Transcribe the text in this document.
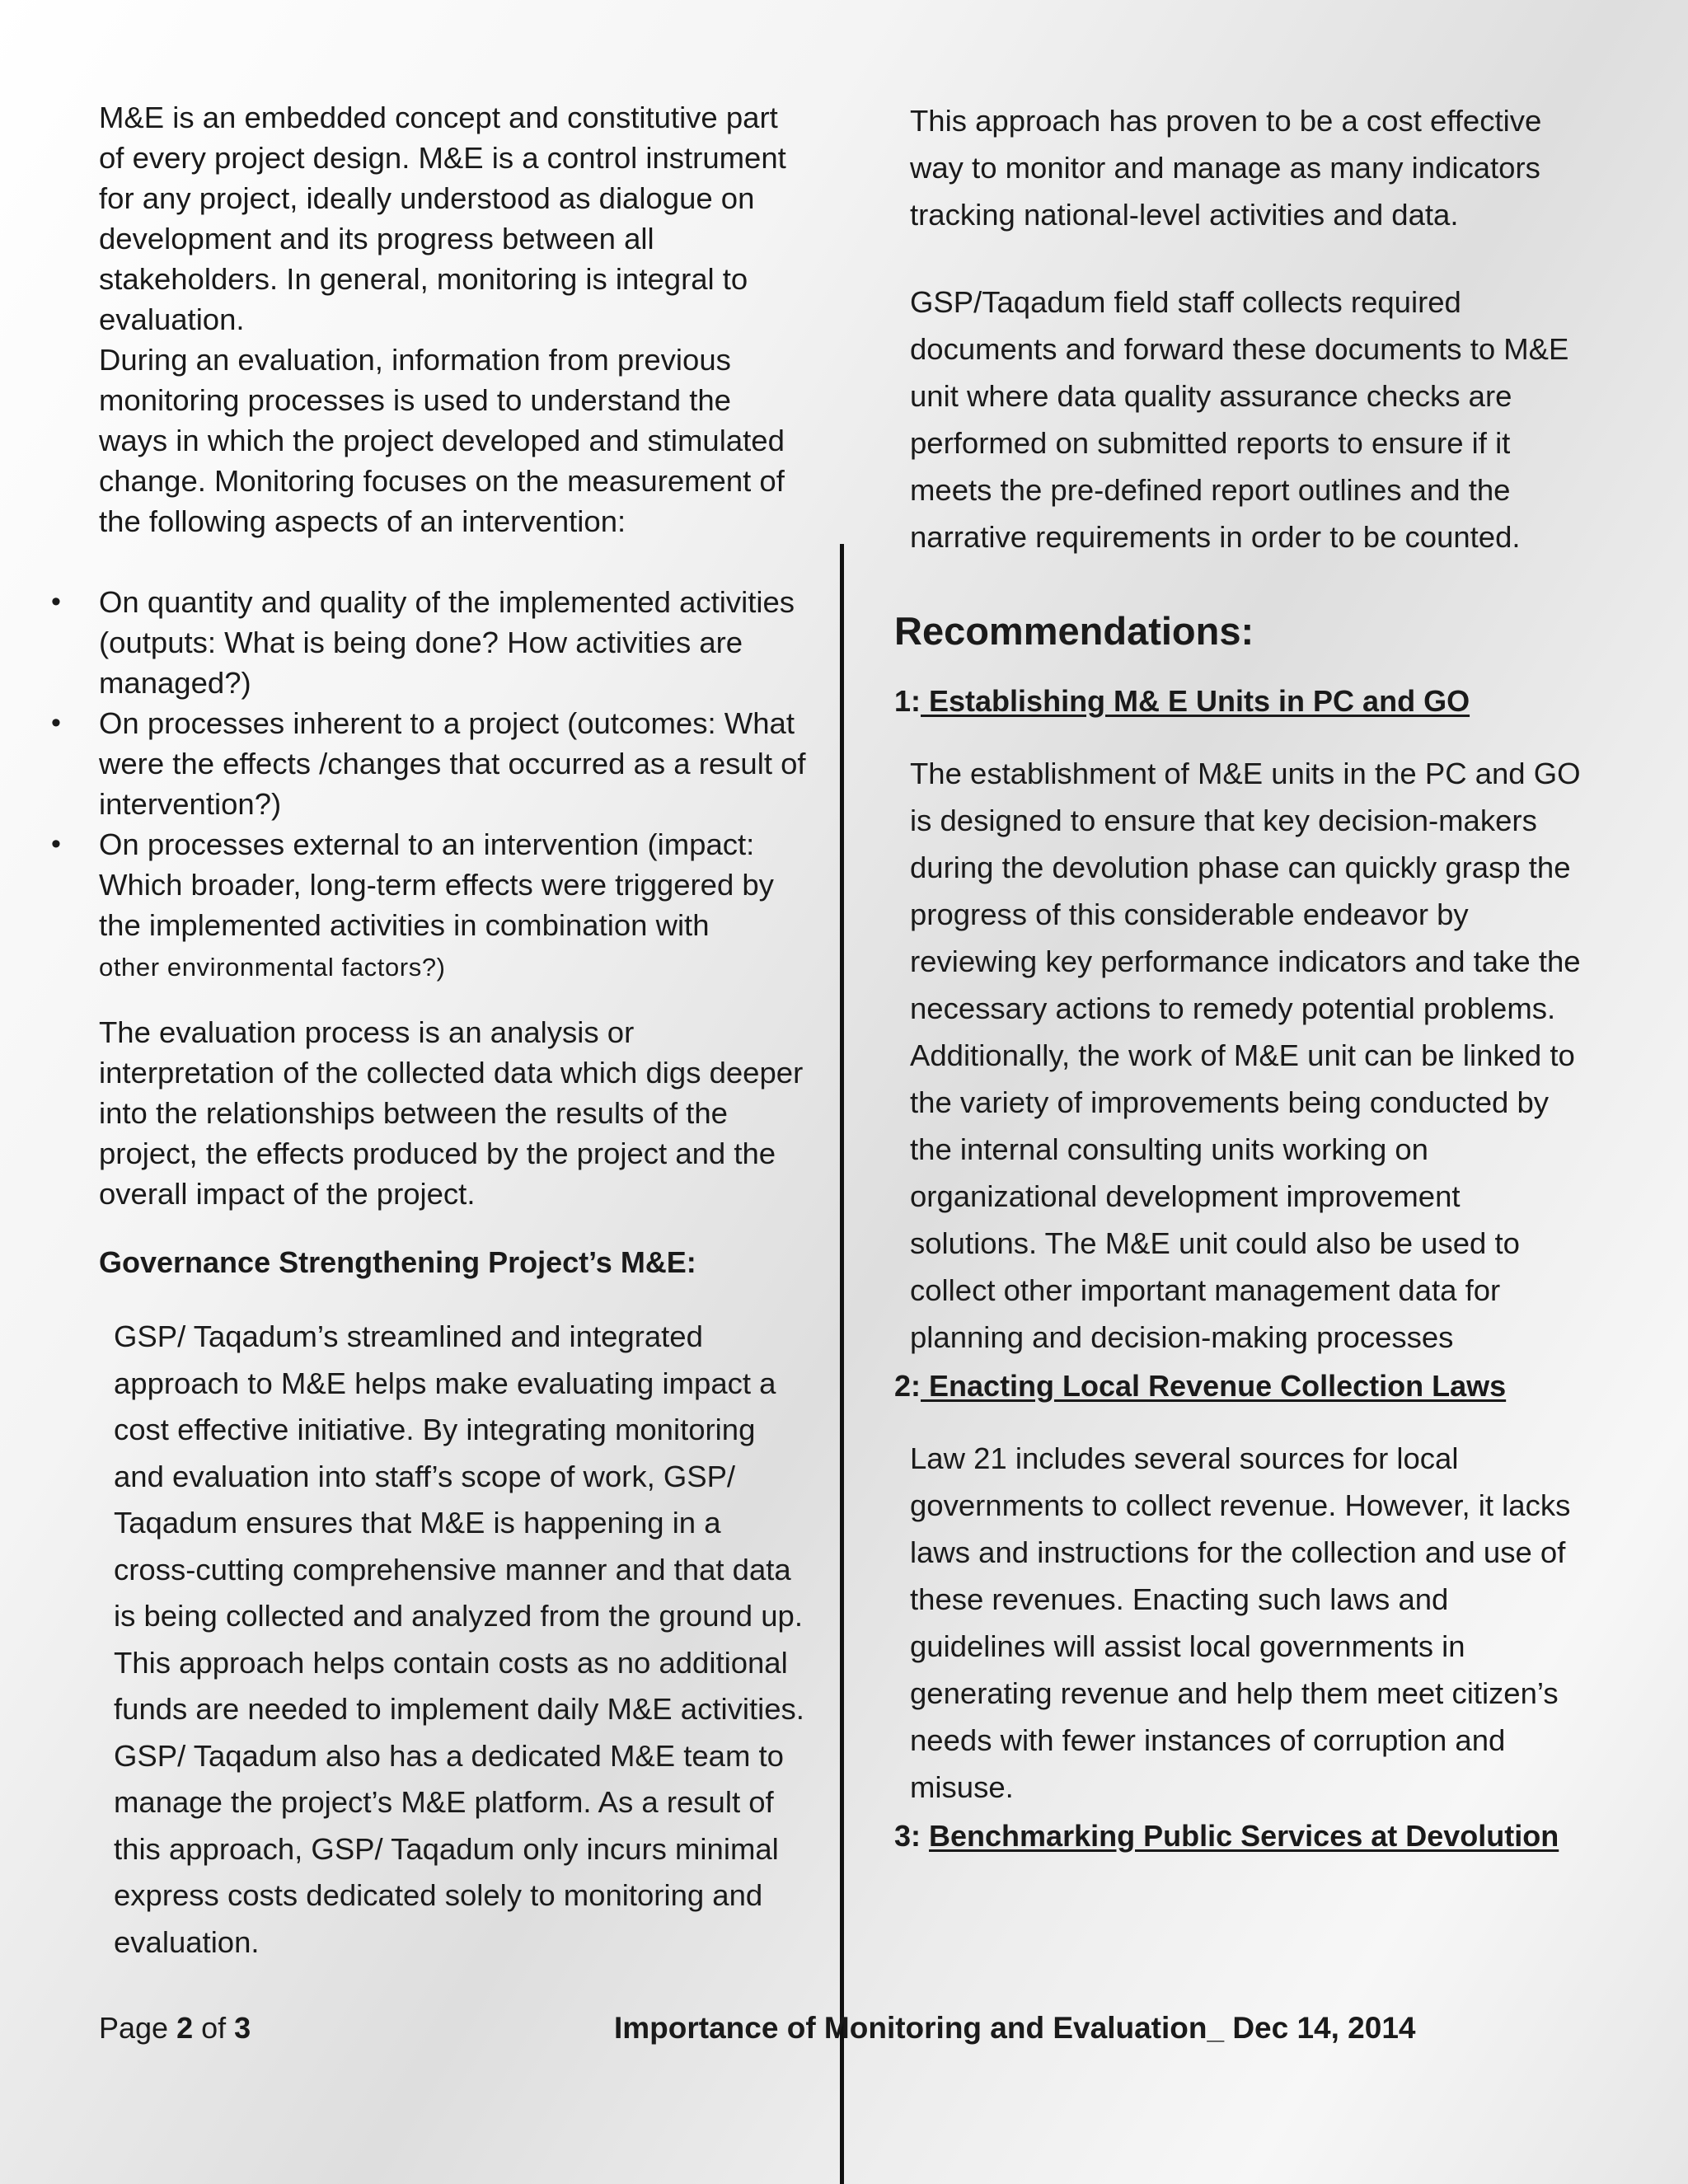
M&E is an embedded concept and constitutive part of every project design. M&E is a control instrument for any project, ideally understood as dialogue on development and its progress between all stakeholders. In general, monitoring is integral to evaluation.

During an evaluation, information from previous monitoring processes is used to understand the ways in which the project developed and stimulated change. Monitoring focuses on the measurement of the following aspects of an intervention:

• On quantity and quality of the implemented activities (outputs: What is being done? How activities are managed?)
• On processes inherent to a project (outcomes: What were the effects /changes that occurred as a result of intervention?)
• On processes external to an intervention (impact: Which broader, long-term effects were triggered by the implemented activities in combination with
other environmental factors?)

The evaluation process is an analysis or interpretation of the collected data which digs deeper into the relationships between the results of the project, the effects produced by the project and the overall impact of the project.

Governance Strengthening Project’s M&E:

GSP/ Taqadum’s streamlined and integrated approach to M&E helps make evaluating impact a cost effective initiative. By integrating monitoring and evaluation into staff’s scope of work, GSP/ Taqadum ensures that M&E is happening in a cross-cutting comprehensive manner and that data is being collected and analyzed from the ground up. This approach helps contain costs as no additional funds are needed to implement daily M&E activities. GSP/ Taqadum also has a dedicated M&E team to manage the project’s M&E platform. As a result of this approach, GSP/ Taqadum only incurs minimal express costs dedicated solely to monitoring and evaluation.

This approach has proven to be a cost effective way to monitor and manage as many indicators tracking national-level activities and data.

GSP/Taqadum field staff collects required documents and forward these documents to M&E unit where data quality assurance checks are performed on submitted reports to ensure if it meets the pre-defined report outlines and the narrative requirements in order to be counted.

Recommendations:

1: Establishing M& E Units in PC and GO

The establishment of M&E units in the PC and GO is designed to ensure that key decision-makers during the devolution phase can quickly grasp the progress of this considerable endeavor by reviewing key performance indicators and take the necessary actions to remedy potential problems. Additionally, the work of M&E unit can be linked to the variety of improvements being conducted by the internal consulting units working on organizational development improvement solutions. The M&E unit could also be used to collect other important management data for planning and decision-making processes

2: Enacting Local Revenue Collection Laws

Law 21 includes several sources for local governments to collect revenue. However, it lacks laws and instructions for the collection and use of these revenues. Enacting such laws and guidelines will assist local governments in generating revenue and help them meet citizen’s needs with fewer instances of corruption and misuse.

3: Benchmarking Public Services at Devolution
Page 2 of 3	Importance of Monitoring and Evaluation_ Dec 14, 2014
